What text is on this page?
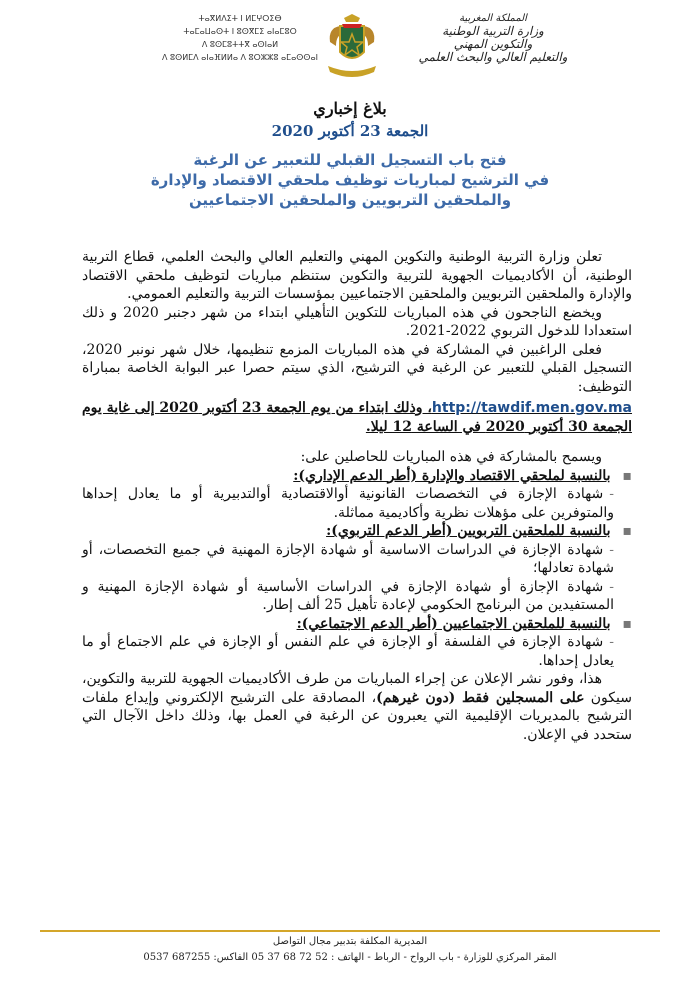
ⵜⴰⴳⵍⴷⵉⵜ ⵏ ⵍⵎⵖⵔⵉⴱ
ⵜⴰⵎⴰⵡⴰⵙⵜ ⵏ ⵓⵙⴳⵎⵉ ⴰⵏⴰⵎⵓⵔ
ⴷ ⵓⵙⵎⵓⵜⵜⴳ ⴰⵙⵏⴰⵍ
ⴷ ⵓⵙⵍⵎⴷ ⴰⵏⴰⴼⵍⵍⴰ ⴷ ⵓⵔⵣⵣⵓ ⴰⵎⴰⵙⵙⴰⵏ
المملكة المغربية
وزارة التربية الوطنية
والتكوين المهني
والتعليم العالي والبحث العلمي
بلاغ إخباري
الجمعة 23 أكتوبر 2020
فتح باب التسجيل القبلي للتعبير عن الرغبة
في الترشيح لمباريات توظيف ملحقي الاقتصاد والإدارة
والملحقين التربويين والملحقين الاجتماعيين

تعلن وزارة التربية الوطنية والتكوين المهني والتعليم العالي والبحث العلمي، قطاع التربية الوطنية، أن الأكاديميات الجهوية للتربية والتكوين ستنظم مباريات لتوظيف ملحقي الاقتصاد والإدارة والملحقين التربويين والملحقين الاجتماعيين بمؤسسات التربية والتعليم العمومي.

ويخضع الناجحون في هذه المباريات للتكوين التأهيلي ابتداء من شهر دجنبر 2020 و ذلك استعدادا للدخول التربوي 2022-2021.

فعلى الراغبين في المشاركة في هذه المباريات المزمع تنظيمها، خلال شهر نونبر 2020، التسجيل القبلي للتعبير عن الرغبة في الترشيح، الذي سيتم حصرا عبر البوابة الخاصة بمباراة التوظيف:

http://tawdif.men.gov.ma، وذلك ابتداء من يوم الجمعة 23 أكتوبر 2020 إلى غاية يوم الجمعة 30 أكتوبر 2020 في الساعة 12 ليلا.

ويسمح بالمشاركة في هذه المباريات للحاصلين على:

▪بالنسبة لملحقي الاقتصاد والإدارة (أطر الدعم الإداري):

-شهادة الإجازة في التخصصات القانونية أوالاقتصادية أوالتدبيرية أو ما يعادل إحداها والمتوفرين على مؤهلات نظرية وأكاديمية مماثلة.

▪بالنسبة للملحقين التربويين (أطر الدعم التربوي):

-شهادة الإجازة في الدراسات الاساسية أو شهادة الإجازة المهنية في جميع التخصصات، أو شهادة تعادلها؛

-شهادة الإجازة أو شهادة الإجازة في الدراسات الأساسية أو شهادة الإجازة المهنية و المستفيدين من البرنامج الحكومي لإعادة تأهيل 25 ألف إطار.

▪بالنسبة للملحقين الاجتماعيين (أطر الدعم الاجتماعي):

-شهادة الإجازة في الفلسفة أو الإجازة في علم النفس أو الإجازة في علم الاجتماع أو ما يعادل إحداها.

هذا، وفور نشر الإعلان عن إجراء المباريات من طرف الأكاديميات الجهوية للتربية والتكوين، سيكون على المسجلين فقط (دون غيرهم)، المصادقة على الترشيح الإلكتروني وإيداع ملفات الترشيح بالمديريات الإقليمية التي يعبرون عن الرغبة في العمل بها، وذلك داخل الآجال التي ستحدد في الإعلان.

المديرية المكلفة بتدبير مجال التواصل
المقر المركزي للوزارة - باب الرواح - الرباط - الهاتف : 52 72 68 37 05 الفاكس: 687255 0537
